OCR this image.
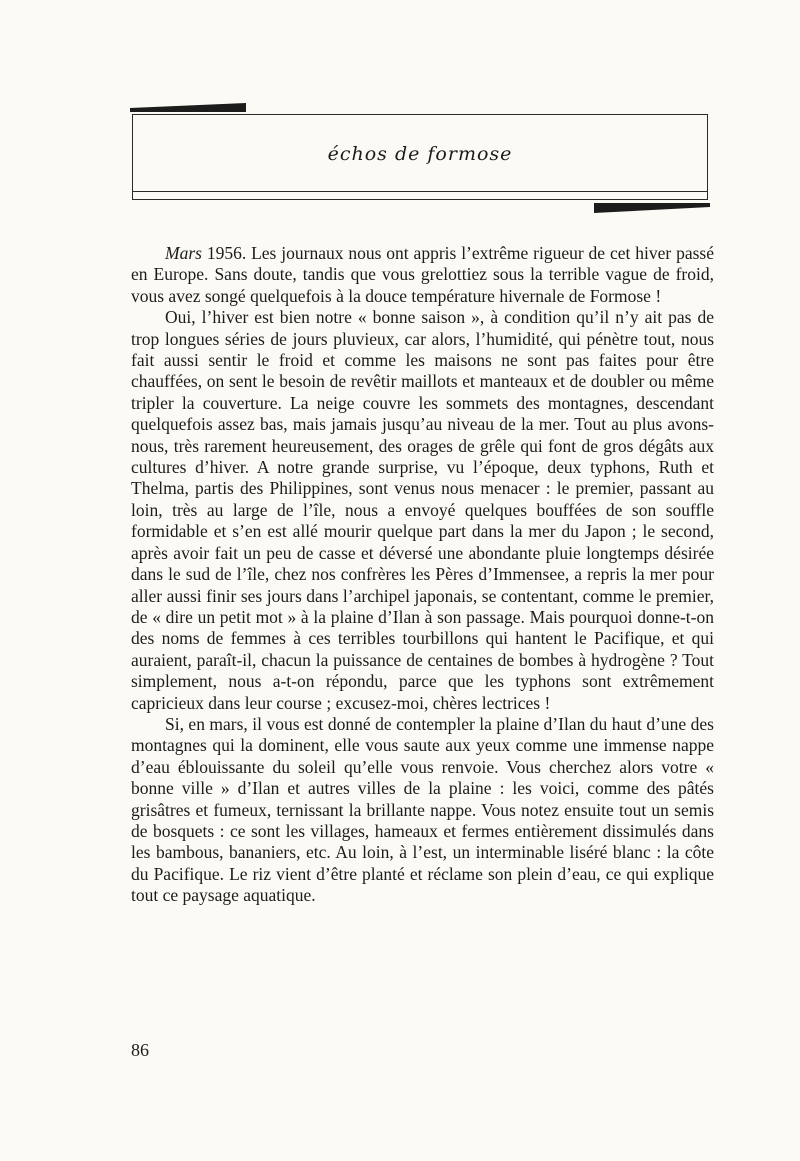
échos de formose

Mars 1956. Les journaux nous ont appris l’extrême rigueur de cet hiver passé en Europe. Sans doute, tandis que vous grelottiez sous la terrible vague de froid, vous avez songé quelquefois à la douce température hivernale de Formose !

Oui, l’hiver est bien notre « bonne saison », à condition qu’il n’y ait pas de trop longues séries de jours pluvieux, car alors, l’humidité, qui pénètre tout, nous fait aussi sentir le froid et comme les maisons ne sont pas faites pour être chauffées, on sent le besoin de revêtir maillots et manteaux et de doubler ou même tripler la couverture. La neige couvre les sommets des montagnes, descendant quelquefois assez bas, mais jamais jusqu’au niveau de la mer. Tout au plus avons-nous, très rarement heureusement, des orages de grêle qui font de gros dégâts aux cultures d’hiver. A notre grande surprise, vu l’époque, deux typhons, Ruth et Thelma, partis des Philippines, sont venus nous menacer : le premier, passant au loin, très au large de l’île, nous a envoyé quelques bouffées de son souffle formidable et s’en est allé mourir quelque part dans la mer du Japon ; le second, après avoir fait un peu de casse et déversé une abondante pluie longtemps désirée dans le sud de l’île, chez nos confrères les Pères d’Immensee, a repris la mer pour aller aussi finir ses jours dans l’archipel japonais, se contentant, comme le premier, de « dire un petit mot » à la plaine d’Ilan à son passage. Mais pourquoi donne-t-on des noms de femmes à ces terribles tourbillons qui hantent le Pacifique, et qui auraient, paraît-il, chacun la puissance de centaines de bombes à hydrogène ? Tout simplement, nous a-t-on répondu, parce que les typhons sont extrêmement capricieux dans leur course ; excusez-moi, chères lectrices !

Si, en mars, il vous est donné de contempler la plaine d’Ilan du haut d’une des montagnes qui la dominent, elle vous saute aux yeux comme une immense nappe d’eau éblouissante du soleil qu’elle vous renvoie. Vous cherchez alors votre « bonne ville » d’Ilan et autres villes de la plaine : les voici, comme des pâtés grisâtres et fumeux, ternissant la brillante nappe. Vous notez ensuite tout un semis de bosquets : ce sont les villages, hameaux et fermes entièrement dissimulés dans les bambous, bananiers, etc. Au loin, à l’est, un interminable liséré blanc : la côte du Pacifique. Le riz vient d’être planté et réclame son plein d’eau, ce qui explique tout ce paysage aquatique.

86
